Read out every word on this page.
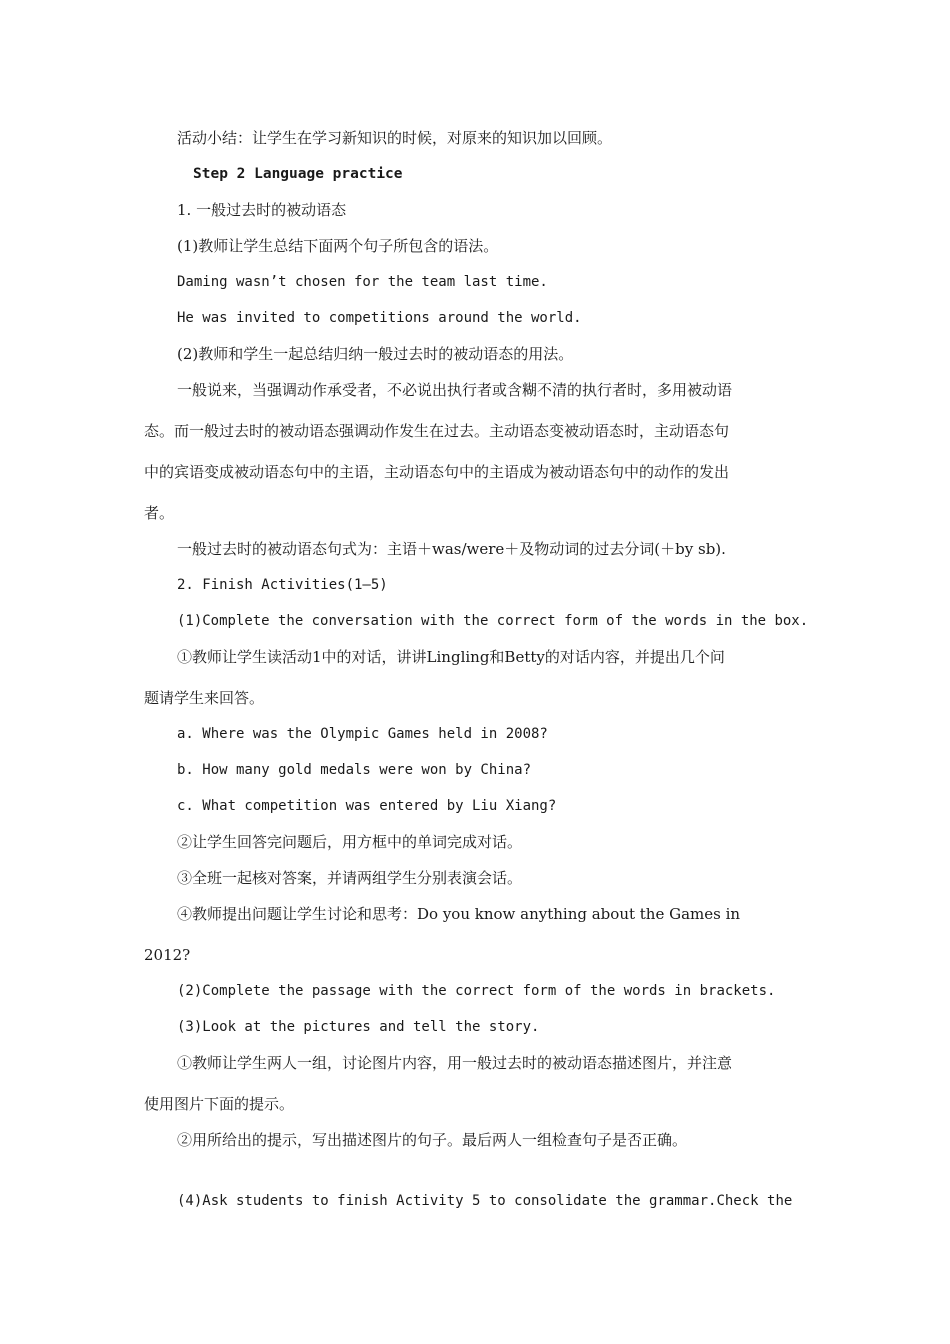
活动小结：让学生在学习新知识的时候，对原来的知识加以回顾。
Step 2 Language practice
1. 一般过去时的被动语态
(1)教师让学生总结下面两个句子所包含的语法。
Daming wasn’t chosen for the team last time.
He was invited to competitions around the world.
(2)教师和学生一起总结归纳一般过去时的被动语态的用法。
一般说来，当强调动作承受者，不必说出执行者或含糊不清的执行者时，多用被动语
态。而一般过去时的被动语态强调动作发生在过去。主动语态变被动语态时，主动语态句
中的宾语变成被动语态句中的主语，主动语态句中的主语成为被动语态句中的动作的发出
者。
一般过去时的被动语态句式为：主语＋was/were＋及物动词的过去分词(＋by sb).
2. Finish Activities(1—5)
(1)Complete the conversation with the correct form of the words in the box.
①教师让学生读活动1中的对话，讲讲Lingling和Betty的对话内容，并提出几个问
题请学生来回答。
a. Where was the Olympic Games held in 2008?
b. How many gold medals were won by China?
c. What competition was entered by Liu Xiang?
②让学生回答完问题后，用方框中的单词完成对话。
③全班一起核对答案，并请两组学生分别表演会话。
④教师提出问题让学生讨论和思考：Do you know anything about the Games in
2012?
(2)Complete the passage with the correct form of the words in brackets.
(3)Look at the pictures and tell the story.
①教师让学生两人一组，讨论图片内容，用一般过去时的被动语态描述图片，并注意
使用图片下面的提示。
②用所给出的提示，写出描述图片的句子。最后两人一组检查句子是否正确。
(4)Ask students to finish Activity 5 to consolidate the grammar.Check the
